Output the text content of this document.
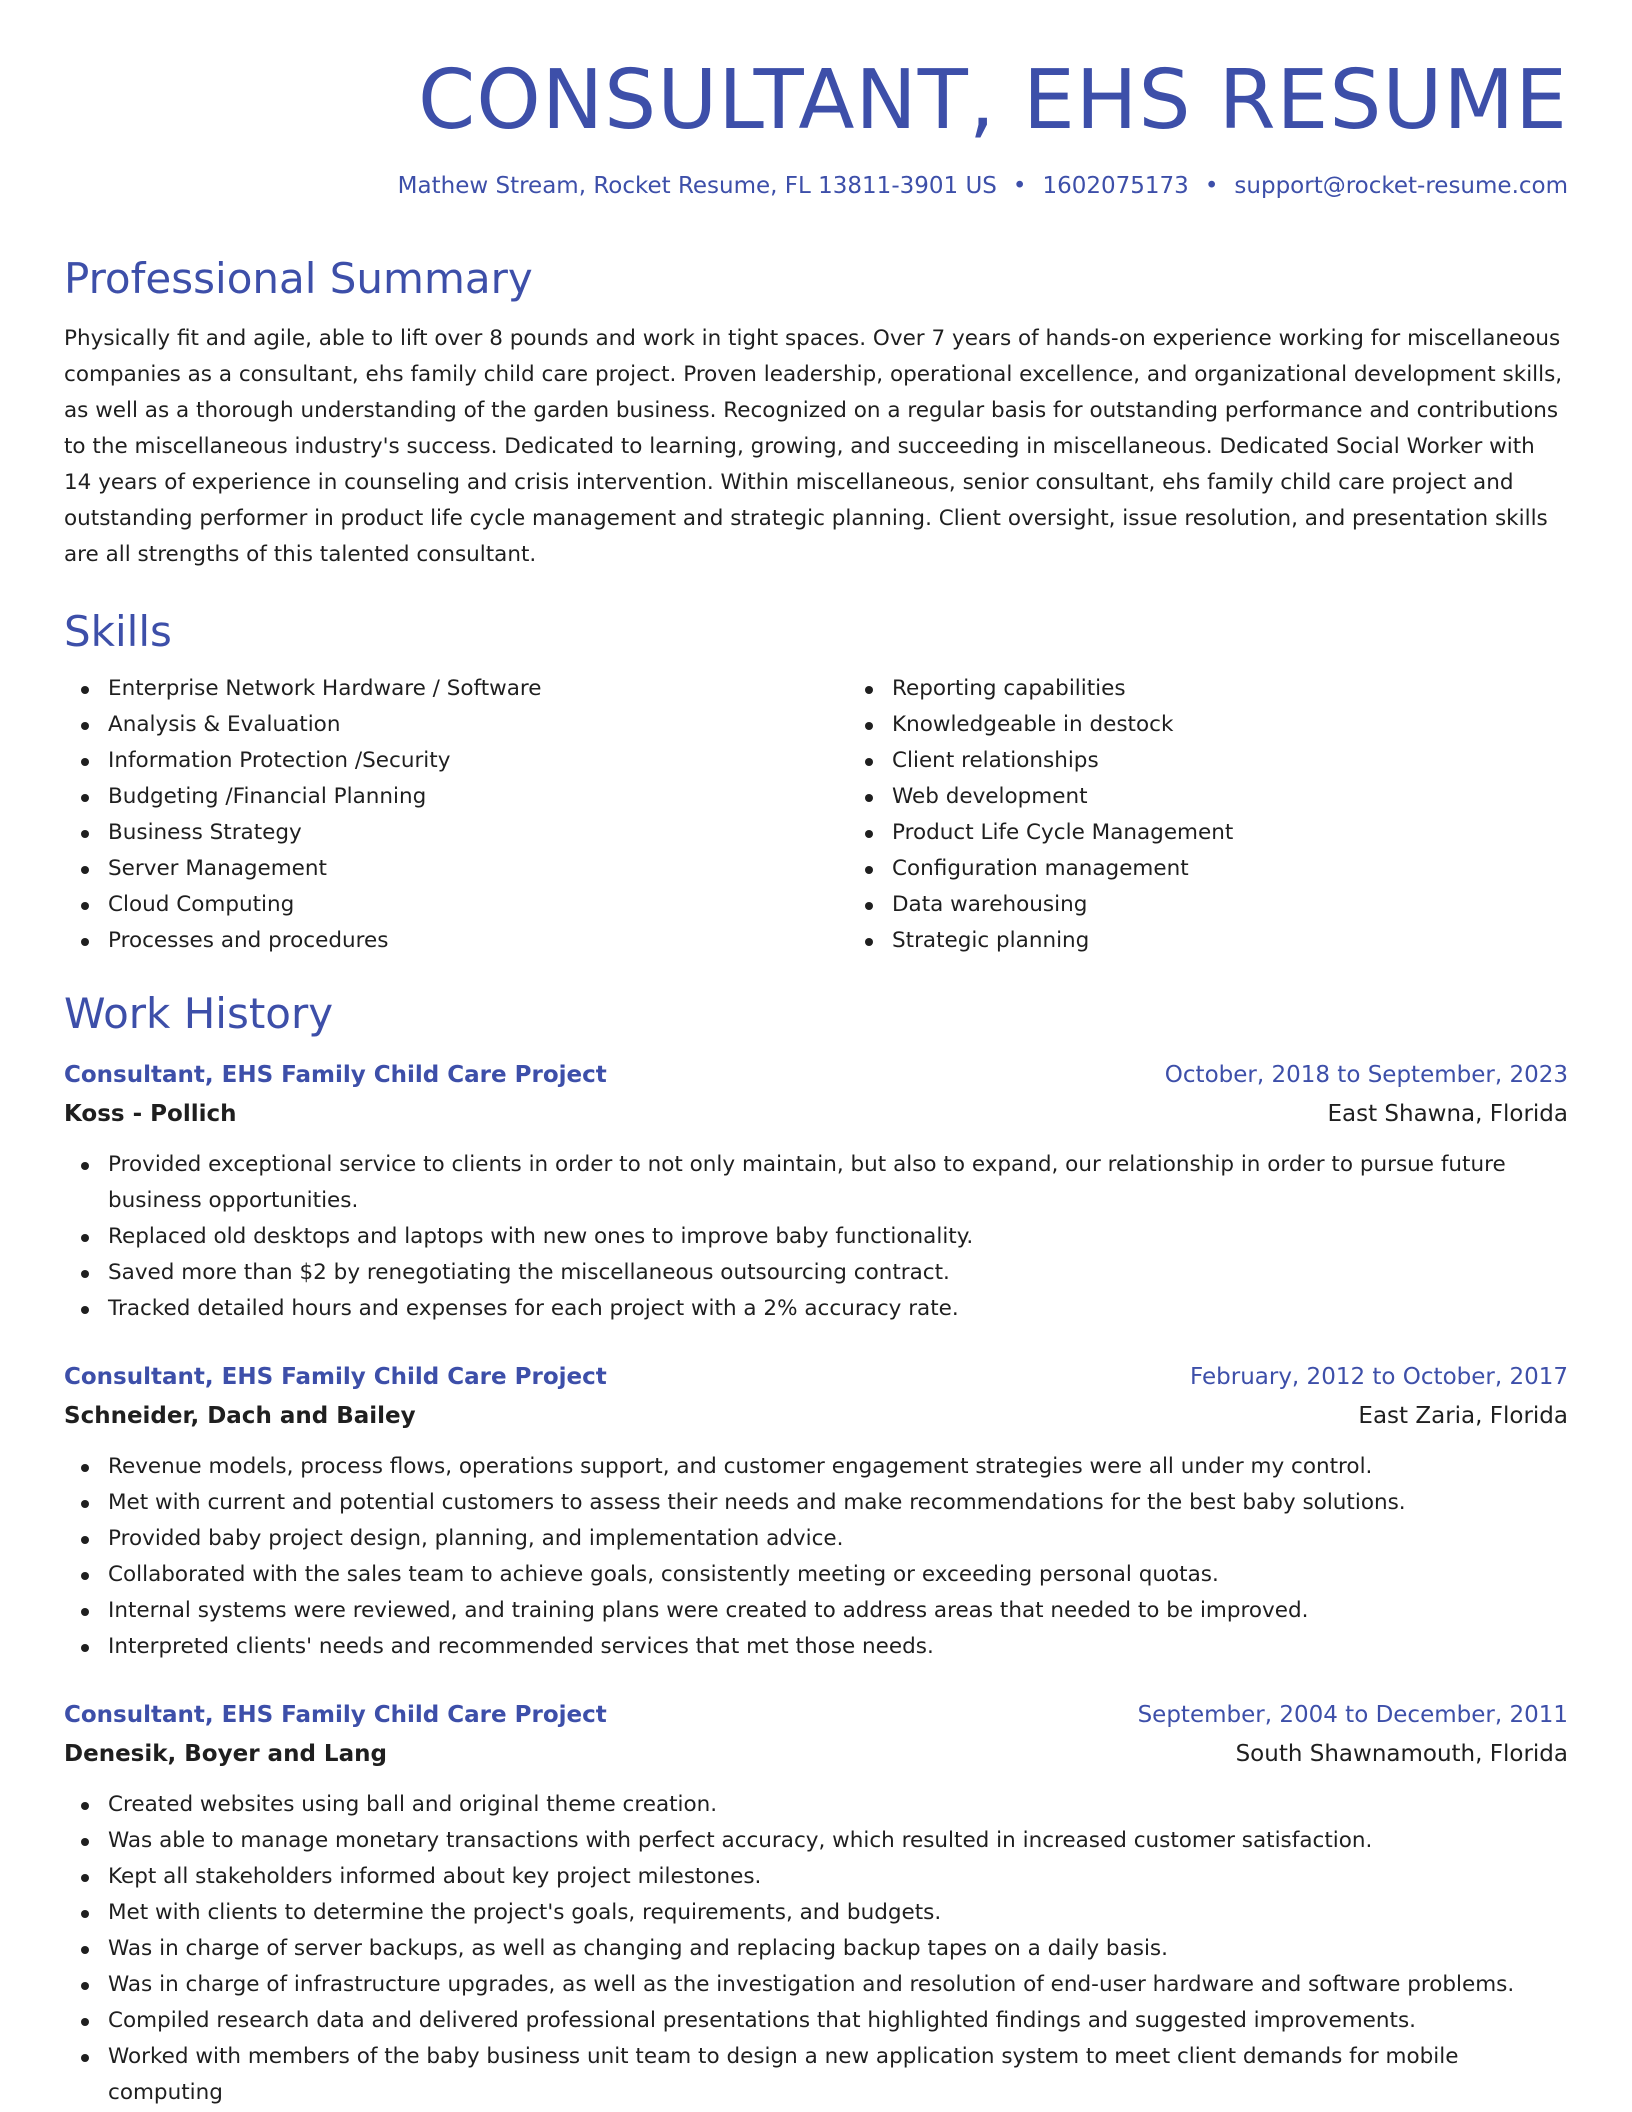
CONSULTANT, EHS RESUME
Mathew Stream, Rocket Resume, FL 13811-3901 US • 1602075173 • support@rocket-resume.com
Professional Summary

Physically fit and agile, able to lift over 8 pounds and work in tight spaces. Over 7 years of hands-on experience working for miscellaneous companies as a consultant, ehs family child care project. Proven leadership, operational excellence, and organizational development skills, as well as a thorough understanding of the garden business. Recognized on a regular basis for outstanding performance and contributions to the miscellaneous industry's success. Dedicated to learning, growing, and succeeding in miscellaneous. Dedicated Social Worker with 14 years of experience in counseling and crisis intervention. Within miscellaneous, senior consultant, ehs family child care project and outstanding performer in product life cycle management and strategic planning. Client oversight, issue resolution, and presentation skills are all strengths of this talented consultant.

Skills
Enterprise Network Hardware / Software
Analysis & Evaluation
Information Protection /Security
Budgeting /Financial Planning
Business Strategy
Server Management
Cloud Computing
Processes and procedures
Reporting capabilities
Knowledgeable in destock
Client relationships
Web development
Product Life Cycle Management
Configuration management
Data warehousing
Strategic planning
Work History
Consultant, EHS Family Child Care Project	October, 2018 to September, 2023
Koss - Pollich	East Shawna, Florida
Provided exceptional service to clients in order to not only maintain, but also to expand, our relationship in order to pursue future business opportunities.
Replaced old desktops and laptops with new ones to improve baby functionality.
Saved more than $2 by renegotiating the miscellaneous outsourcing contract.
Tracked detailed hours and expenses for each project with a 2% accuracy rate.
Consultant, EHS Family Child Care Project	February, 2012 to October, 2017
Schneider, Dach and Bailey	East Zaria, Florida
Revenue models, process flows, operations support, and customer engagement strategies were all under my control.
Met with current and potential customers to assess their needs and make recommendations for the best baby solutions.
Provided baby project design, planning, and implementation advice.
Collaborated with the sales team to achieve goals, consistently meeting or exceeding personal quotas.
Internal systems were reviewed, and training plans were created to address areas that needed to be improved.
Interpreted clients' needs and recommended services that met those needs.
Consultant, EHS Family Child Care Project	September, 2004 to December, 2011
Denesik, Boyer and Lang	South Shawnamouth, Florida
Created websites using ball and original theme creation.
Was able to manage monetary transactions with perfect accuracy, which resulted in increased customer satisfaction.
Kept all stakeholders informed about key project milestones.
Met with clients to determine the project's goals, requirements, and budgets.
Was in charge of server backups, as well as changing and replacing backup tapes on a daily basis.
Was in charge of infrastructure upgrades, as well as the investigation and resolution of end-user hardware and software problems.
Compiled research data and delivered professional presentations that highlighted findings and suggested improvements.
Worked with members of the baby business unit team to design a new application system to meet client demands for mobile computing
